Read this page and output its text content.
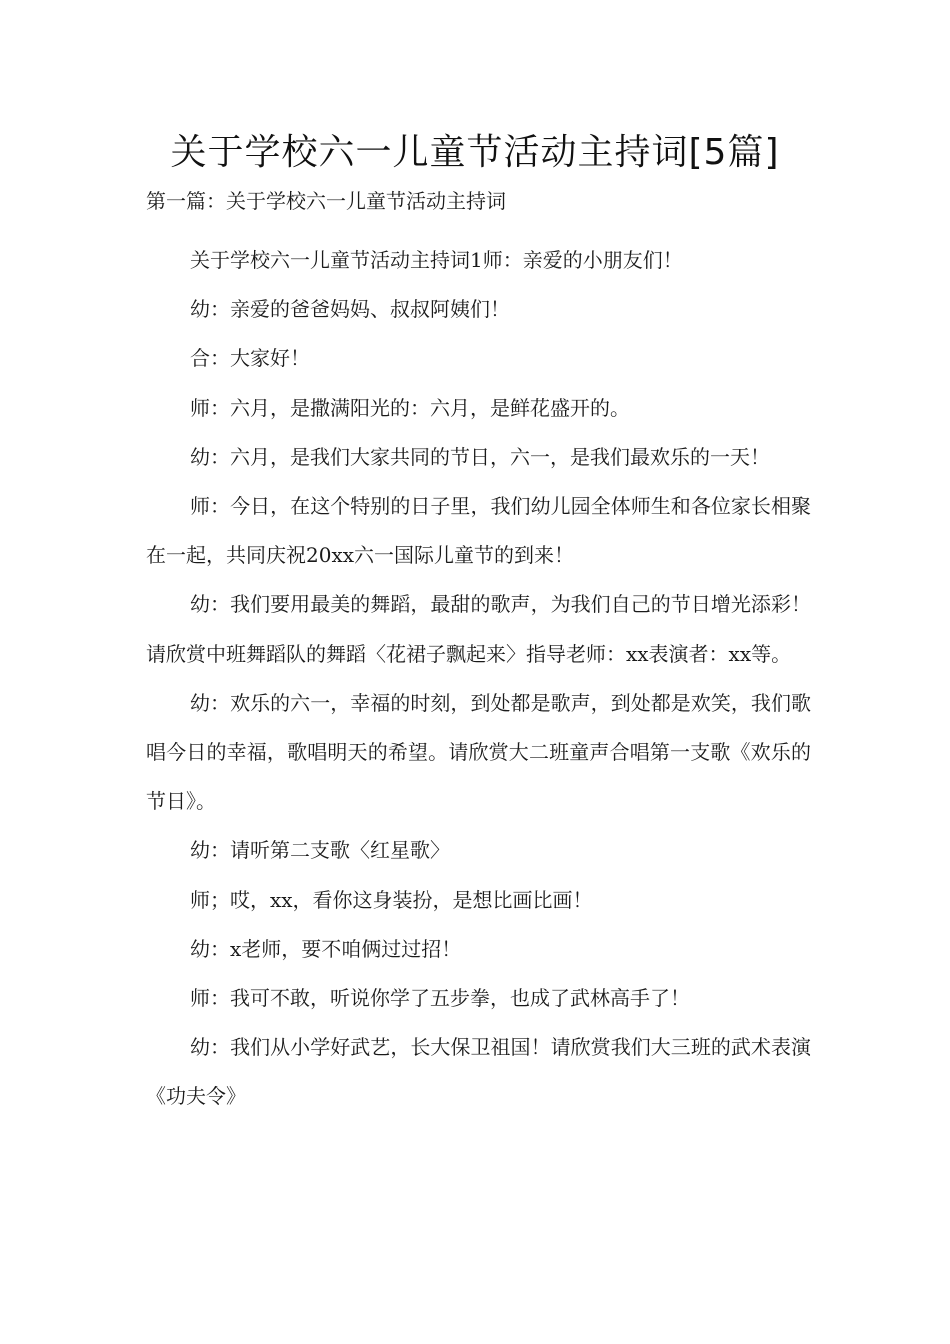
关于学校六一儿童节活动主持词[5篇]
第一篇：关于学校六一儿童节活动主持词

关于学校六一儿童节活动主持词1师：亲爱的小朋友们！

幼：亲爱的爸爸妈妈、叔叔阿姨们！

合：大家好！

师：六月，是撒满阳光的：六月，是鲜花盛开的。

幼：六月，是我们大家共同的节日，六一，是我们最欢乐的一天！

师：今日，在这个特别的日子里，我们幼儿园全体师生和各位家长相聚在一起，共同庆祝20xx六一国际儿童节的到来！

幼：我们要用最美的舞蹈，最甜的歌声，为我们自己的节日增光添彩！请欣赏中班舞蹈队的舞蹈〈花裙子飘起来〉指导老师：xx表演者：xx等。

幼：欢乐的六一，幸福的时刻，到处都是歌声，到处都是欢笑，我们歌唱今日的幸福，歌唱明天的希望。请欣赏大二班童声合唱第一支歌《欢乐的节日》。

幼：请听第二支歌〈红星歌〉

师；哎，xx，看你这身装扮，是想比画比画！

幼：x老师，要不咱俩过过招！

师：我可不敢，听说你学了五步拳，也成了武林高手了！

幼：我们从小学好武艺，长大保卫祖国！请欣赏我们大三班的武术表演《功夫令》
